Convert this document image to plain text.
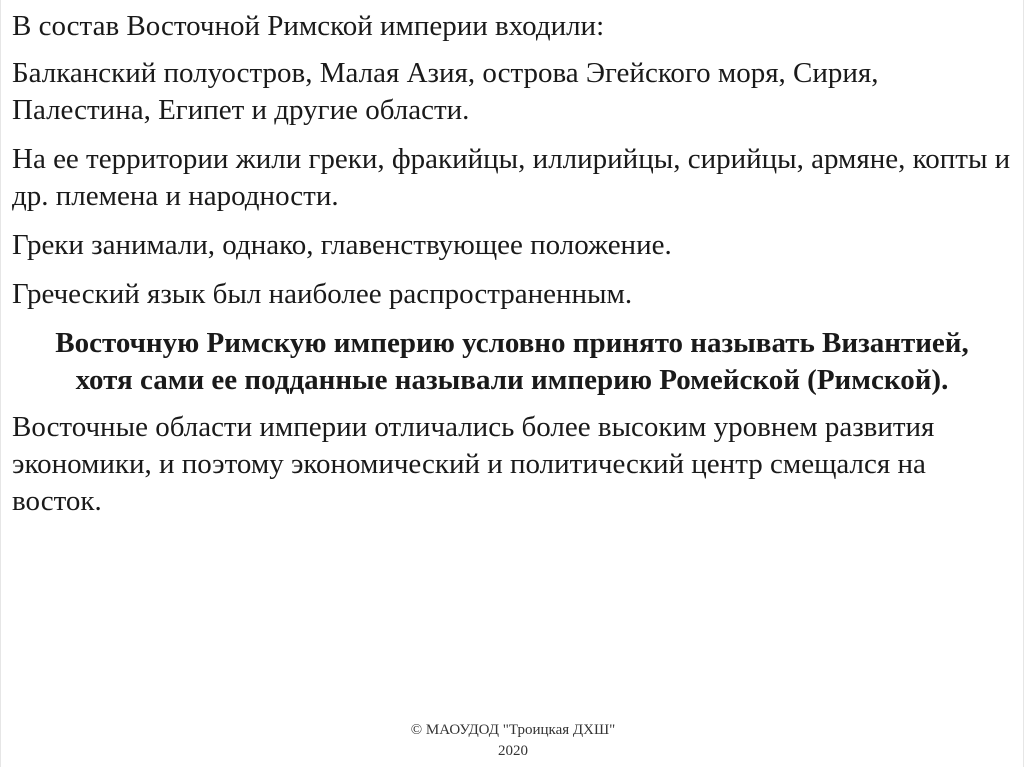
В состав Восточной Римской империи входили:

Балканский полуостров, Малая Азия, острова Эгейского моря, Сирия, Палестина, Египет и другие области.

На ее территории жили греки, фракийцы, иллирийцы, сирийцы, армяне, копты и др. племена и народности.

Греки занимали, однако, главенствующее положение.

Греческий язык был наиболее распространенным.

Восточную Римскую империю условно принято называть Византией, хотя сами ее подданные называли империю Ромейской (Римской).

Восточные области империи отличались более высоким уровнем развития экономики, и поэтому экономический и политический центр смещался на восток.

© МАОУДОД "Троицкая ДХШ"
2020
